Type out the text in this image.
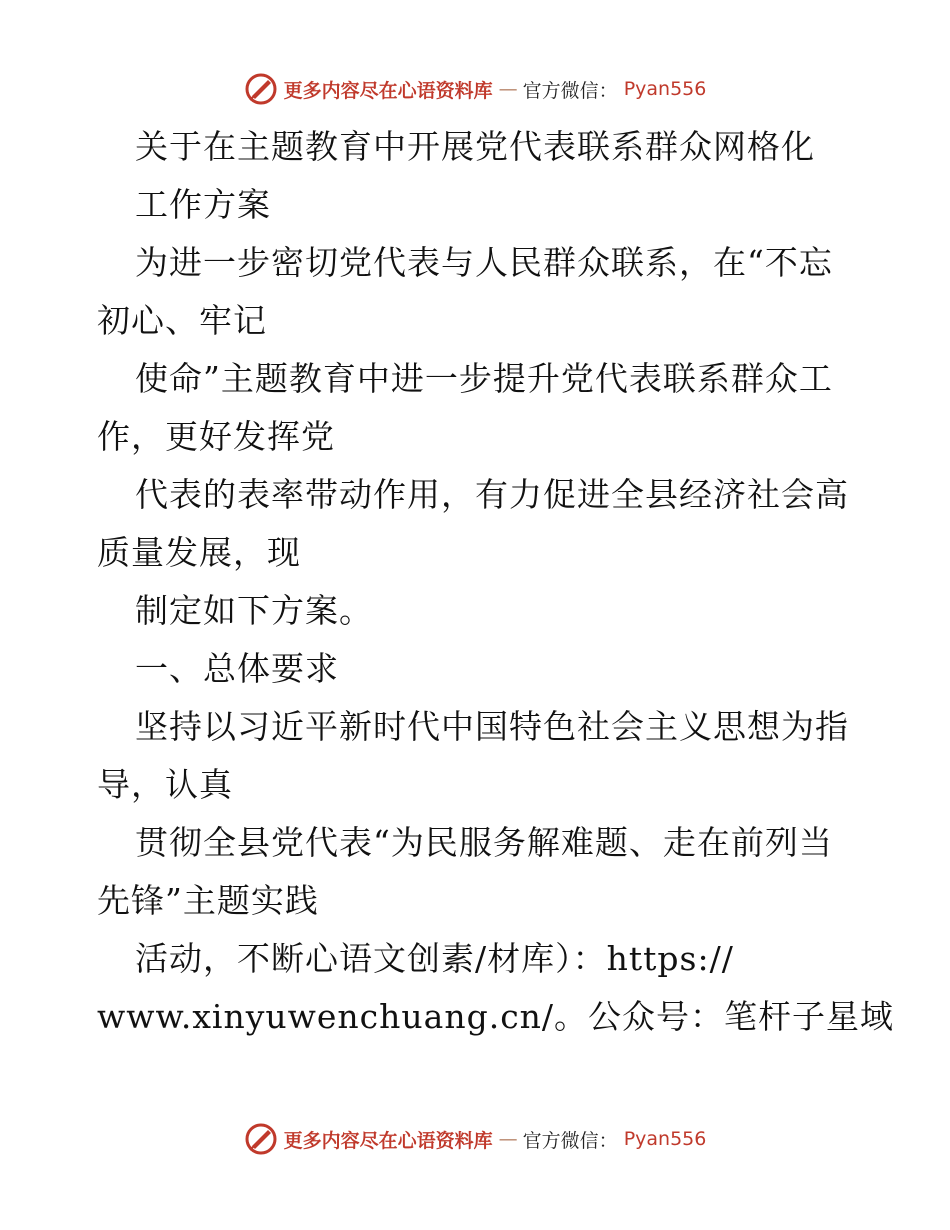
更多内容尽在心语资料库 — 官方微信： Pyan556
关于在主题教育中开展党代表联系群众网格化
工作方案
为进一步密切党代表与人民群众联系，在“不忘
初心、牢记
使命”主题教育中进一步提升党代表联系群众工
作，更好发挥党
代表的表率带动作用，有力促进全县经济社会高
质量发展，现
制定如下方案。
一、总体要求
坚持以习近平新时代中国特色社会主义思想为指
导，认真
贯彻全县党代表“为民服务解难题、走在前列当
先锋”主题实践
活动，不断心语文创素/材库）：https://
www.xinyuwenchuang.cn/。公众号：笔杆子星域
更多内容尽在心语资料库 — 官方微信： Pyan556
